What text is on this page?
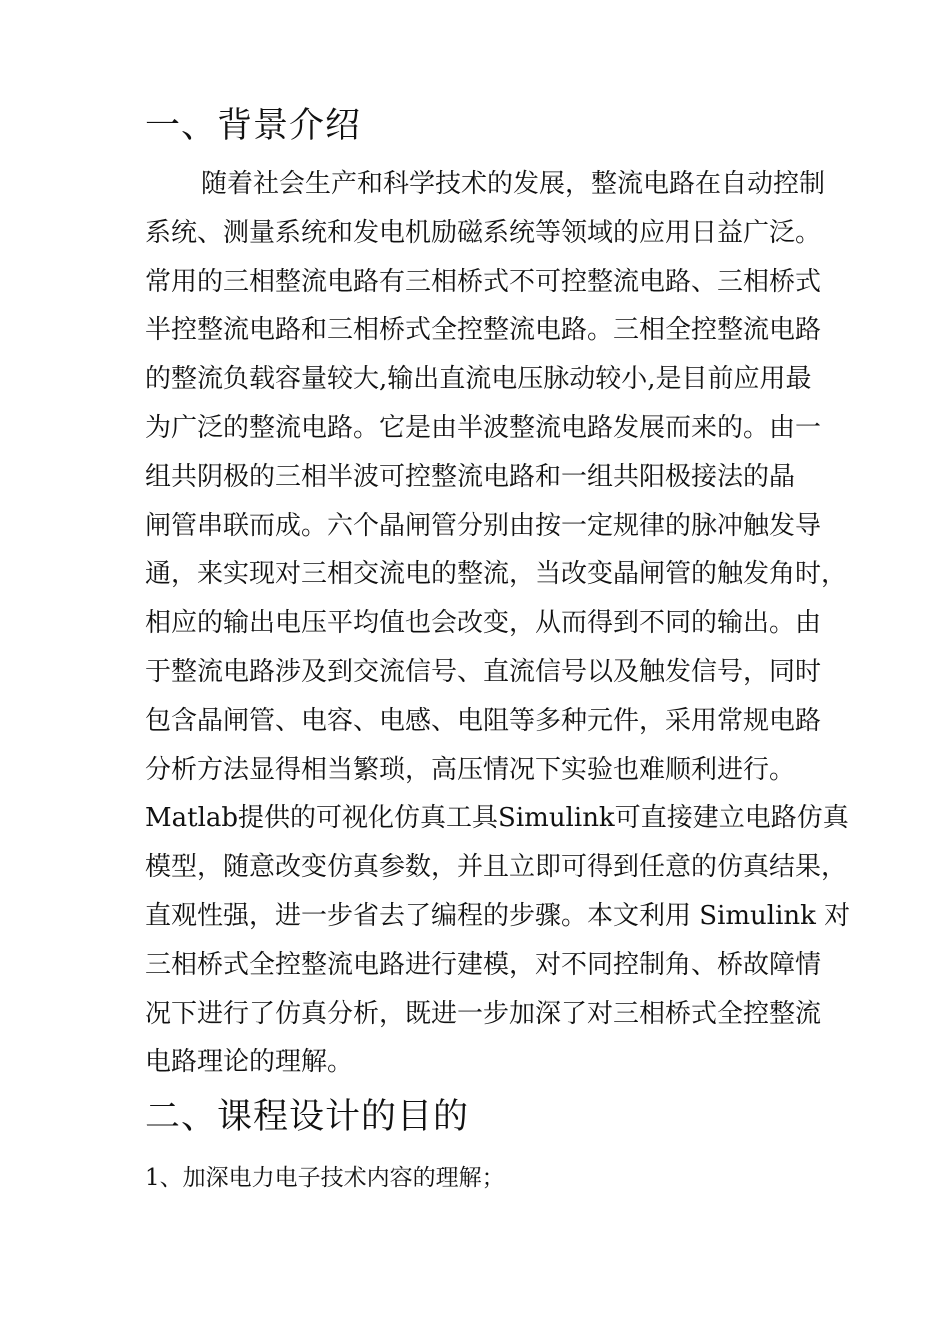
一、背景介绍
随着社会生产和科学技术的发展，整流电路在自动控制
系统、测量系统和发电机励磁系统等领域的应用日益广泛。
常用的三相整流电路有三相桥式不可控整流电路、三相桥式
半控整流电路和三相桥式全控整流电路。三相全控整流电路
的整流负载容量较大,输出直流电压脉动较小,是目前应用最
为广泛的整流电路。它是由半波整流电路发展而来的。由一
组共阴极的三相半波可控整流电路和一组共阳极接法的晶
闸管串联而成。六个晶闸管分别由按一定规律的脉冲触发导
通，来实现对三相交流电的整流，当改变晶闸管的触发角时，
相应的输出电压平均值也会改变，从而得到不同的输出。由
于整流电路涉及到交流信号、直流信号以及触发信号，同时
包含晶闸管、电容、电感、电阻等多种元件，采用常规电路
分析方法显得相当繁琐，高压情况下实验也难顺利进行。
Matlab提供的可视化仿真工具Simulink可直接建立电路仿真
模型，随意改变仿真参数，并且立即可得到任意的仿真结果，
直观性强，进一步省去了编程的步骤。本文利用 Simulink 对
三相桥式全控整流电路进行建模，对不同控制角、桥故障情
况下进行了仿真分析，既进一步加深了对三相桥式全控整流
电路理论的理解。
二、课程设计的目的

1、加深电力电子技术内容的理解；
